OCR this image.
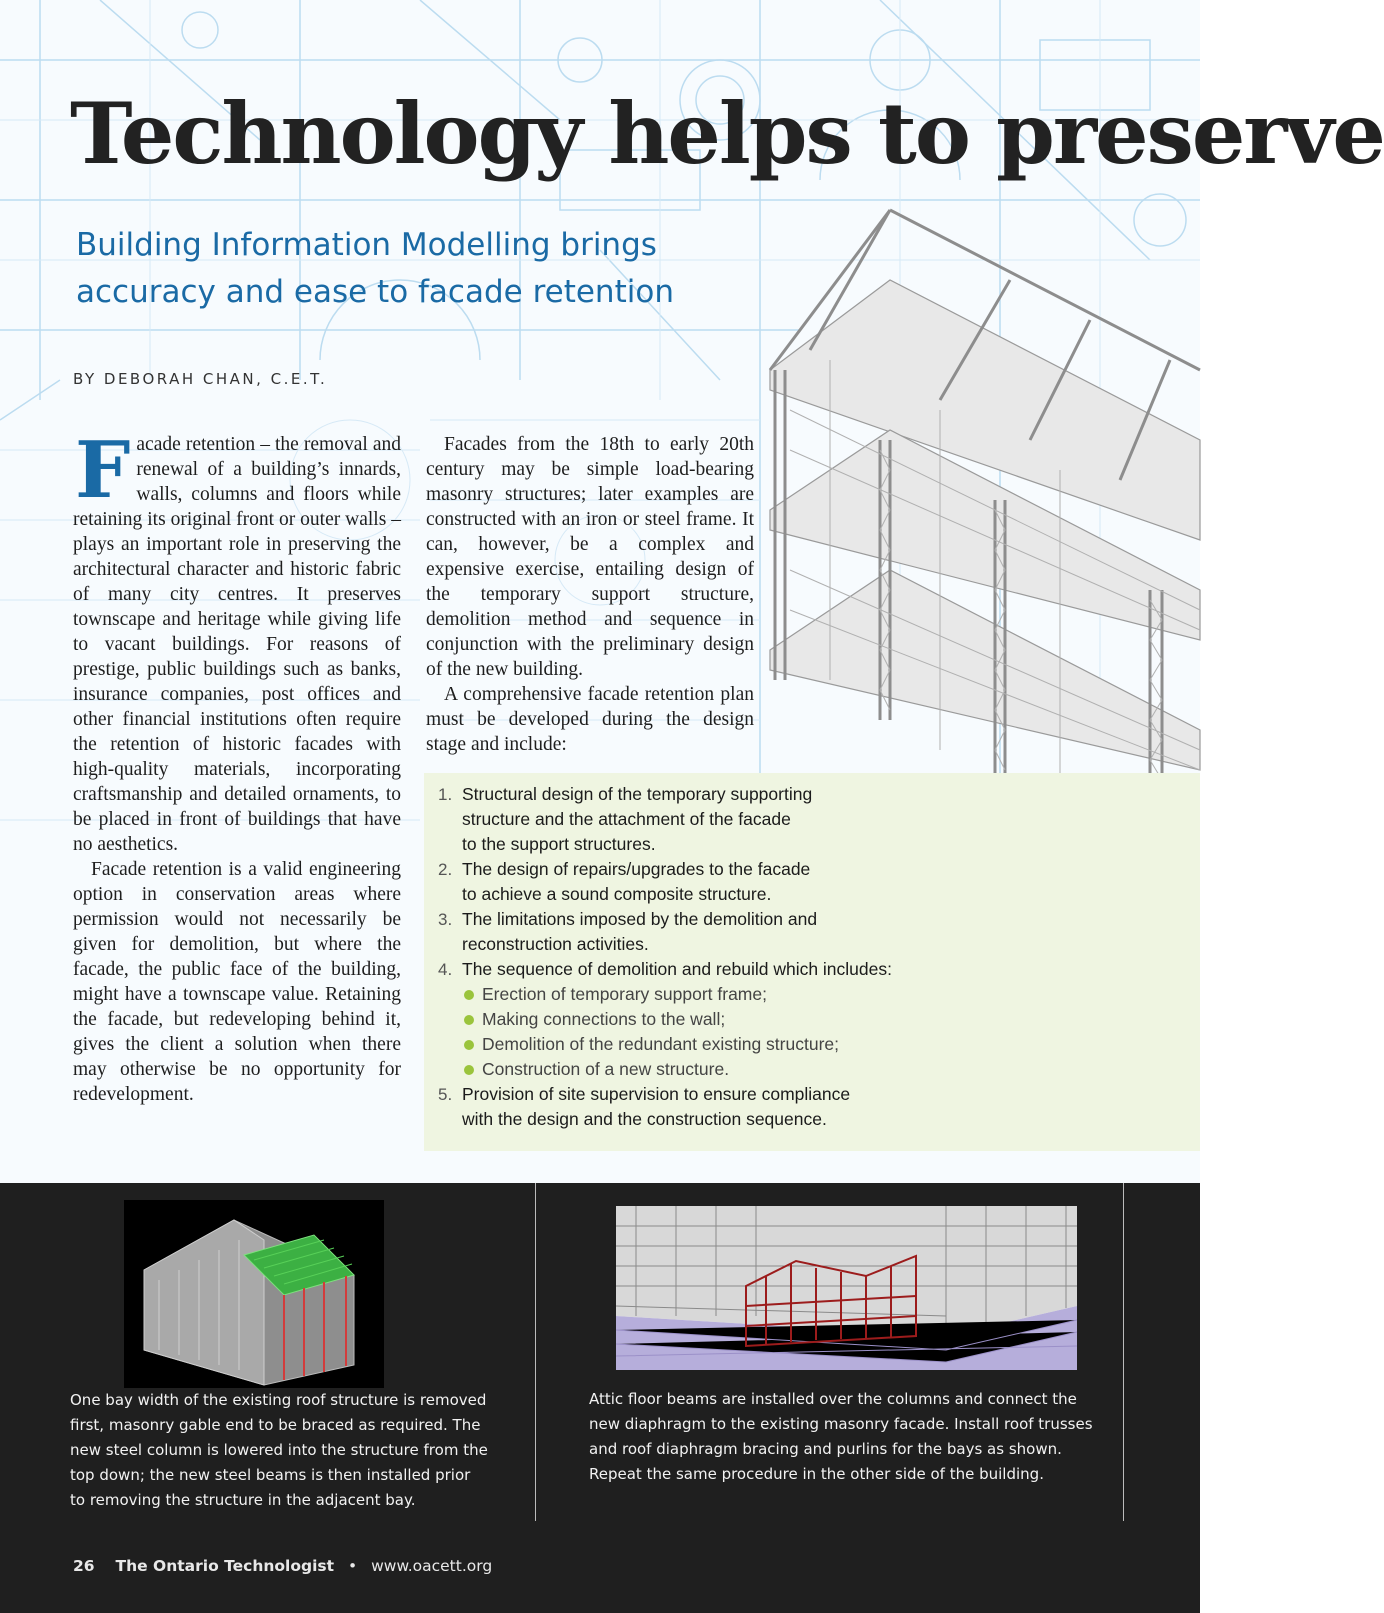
Technology helps to preserve
Building Information Modelling brings
accuracy and ease to facade retention

BY DEBORAH CHAN, C.E.T.

Facade retention – the removal and renewal of a building’s innards, walls, columns and floors while retaining its original front or outer walls – plays an important role in preserving the architectural character and historic fabric of many city centres. It preserves townscape and heritage while giving life to vacant buildings. For reasons of prestige, public buildings such as banks, insurance companies, post offices and other financial institutions often require the retention of historic facades with high-quality materials, incorporating craftsmanship and detailed ornaments, to be placed in front of buildings that have no aesthetics.

Facade retention is a valid engineering option in conservation areas where permission would not necessarily be given for demolition, but where the facade, the public face of the building, might have a townscape value. Retaining the facade, but redeveloping behind it, gives the client a solution when there may otherwise be no opportunity for redevelopment.

Facades from the 18th to early 20th century may be simple load-bearing masonry structures; later examples are constructed with an iron or steel frame. It can, however, be a complex and expensive exercise, entailing design of the temporary support structure, demolition method and sequence in conjunction with the preliminary design of the new building.

A comprehensive facade retention plan must be developed during the design stage and include:

1. Structural design of the temporary supporting
structure and the attachment of the facade
to the support structures.
2. The design of repairs/upgrades to the facade
to achieve a sound composite structure.
3. The limitations imposed by the demolition and
reconstruction activities.
4. The sequence of demolition and rebuild which includes:
Erection of temporary support frame;
Making connections to the wall;
Demolition of the redundant existing structure;
Construction of a new structure.
5. Provision of site supervision to ensure compliance
with the design and the construction sequence.

One bay width of the existing roof structure is removed first, masonry gable end to be braced as required. The new steel column is lowered into the structure from the top down; the new steel beams is then installed prior to removing the structure in the adjacent bay.

Attic floor beams are installed over the columns and connect the new diaphragm to the existing masonry facade. Install roof trusses and roof diaphragm bracing and purlins for the bays as shown. Repeat the same procedure in the other side of the building.

26 The Ontario Technologist • www.oacett.org
